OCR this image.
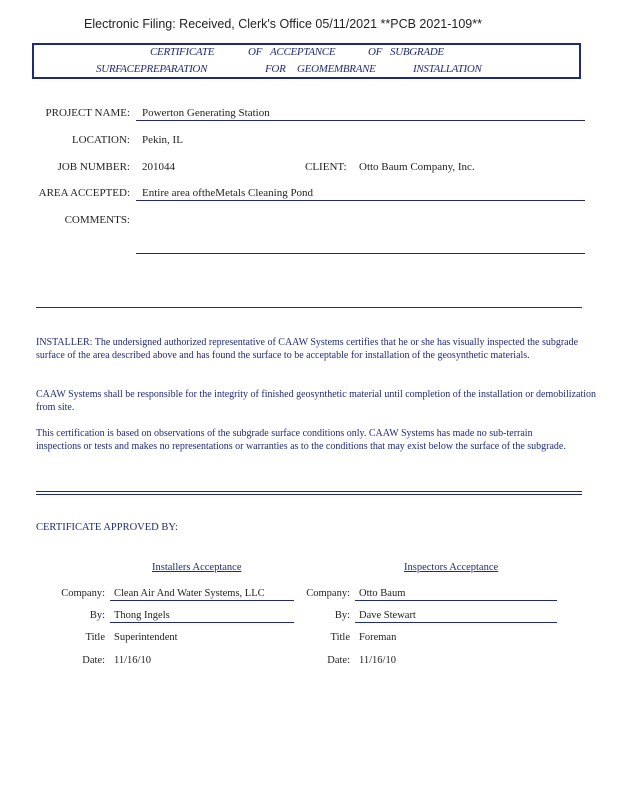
Electronic Filing: Received, Clerk's Office 05/11/2021 **PCB 2021-109**
CERTIFICATE	OF ACCEPTANCE	OF SUBGRADE
SURFACEPREPARATION	FOR GEOMEMBRANE	INSTALLATION
PROJECT NAME: Powerton Generating Station
LOCATION: Pekin, IL
JOB NUMBER: 201044	CLIENT: Otto Baum Company, Inc.
AREA ACCEPTED: Entire area oftheMetals Cleaning Pond
COMMENTS:
INSTALLER: The undersigned authorized representative of CAAW Systems certifies that he or she has visually inspected the subgrade surface of the area described above and has found the surface to be acceptable for installation of the geosynthetic materials.
CAAW Systems shall be responsible for the integrity of finished geosynthetic material until completion of the installation or demobilization from site.
This certification is based on observations of the subgrade surface conditions only. CAAW Systems has made no sub-terrain inspections or tests and makes no representations or warranties as to the conditions that may exist below the surface of the subgrade.
CERTIFICATE APPROVED BY:
Installers Acceptance
Company: Clean Air And Water Systems, LLC
By: Thong Ingels
Title Superintendent
Date: 11/16/10
Inspectors Acceptance
Company: Otto Baum
By: Dave Stewart
Title Foreman
Date: 11/16/10
